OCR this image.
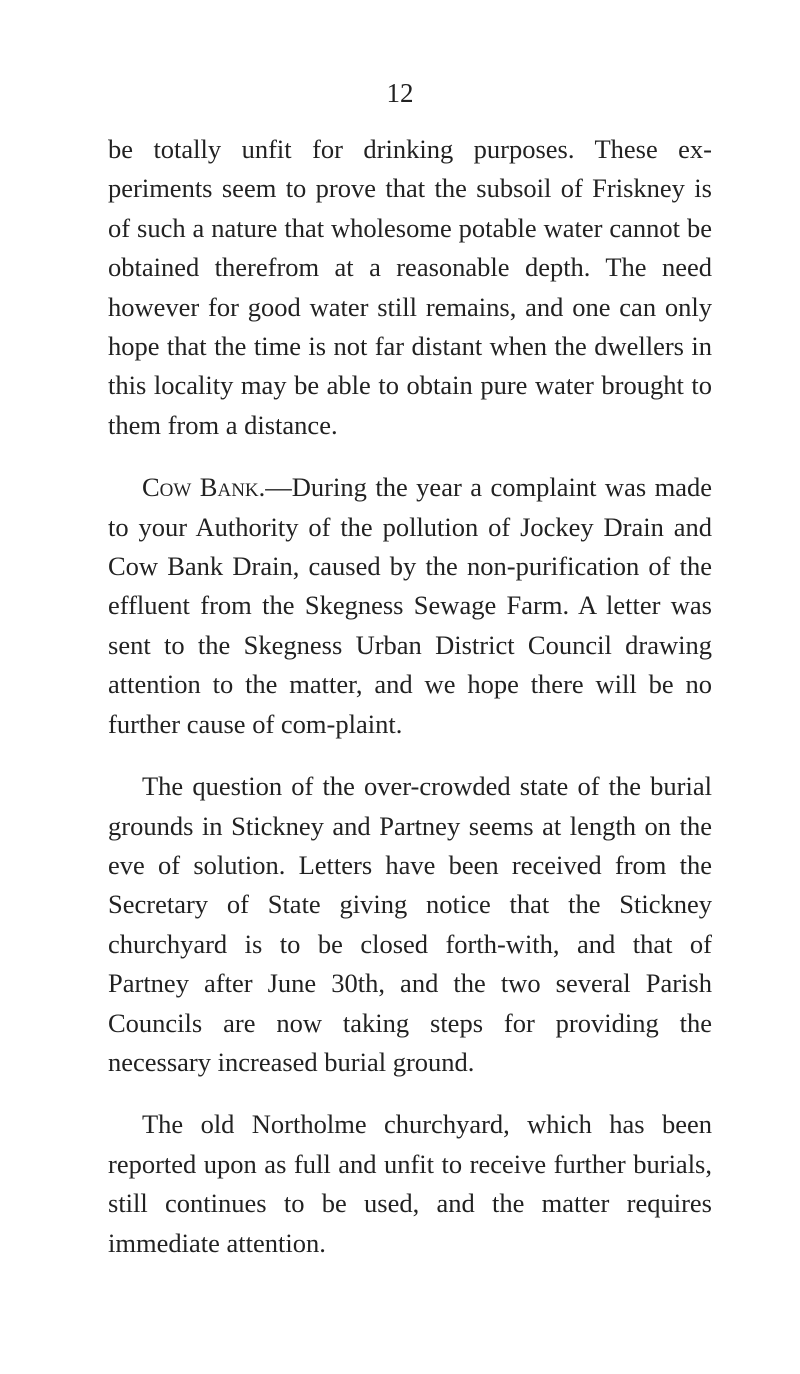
12

be totally unfit for drinking purposes. These ex-periments seem to prove that the subsoil of Friskney is of such a nature that wholesome potable water cannot be obtained therefrom at a reasonable depth. The need however for good water still remains, and one can only hope that the time is not far distant when the dwellers in this locality may be able to obtain pure water brought to them from a distance.

Cow Bank.—During the year a complaint was made to your Authority of the pollution of Jockey Drain and Cow Bank Drain, caused by the non-purification of the effluent from the Skegness Sewage Farm. A letter was sent to the Skegness Urban District Council drawing attention to the matter, and we hope there will be no further cause of com-plaint.

The question of the over-crowded state of the burial grounds in Stickney and Partney seems at length on the eve of solution. Letters have been received from the Secretary of State giving notice that the Stickney churchyard is to be closed forth-with, and that of Partney after June 30th, and the two several Parish Councils are now taking steps for providing the necessary increased burial ground.

The old Northolme churchyard, which has been reported upon as full and unfit to receive further burials, still continues to be used, and the matter requires immediate attention.
